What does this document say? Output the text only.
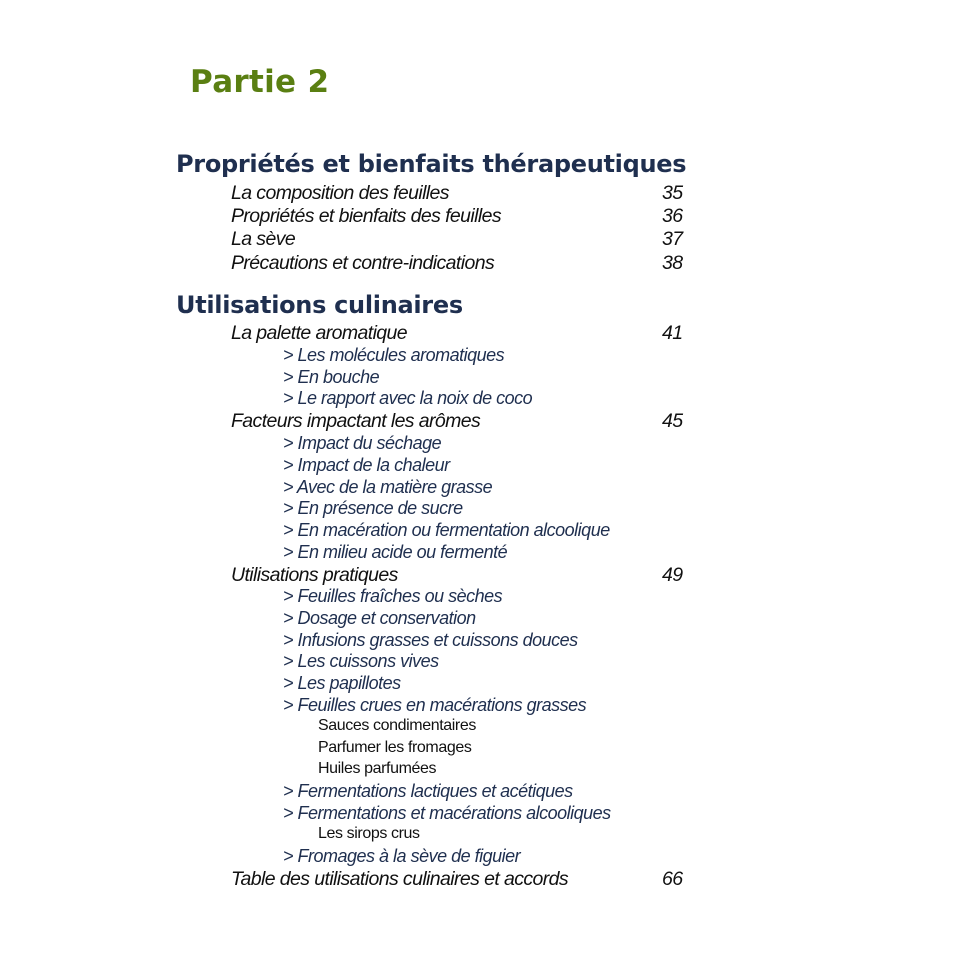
Partie 2
Propriétés et bienfaits thérapeutiques
La composition des feuilles	35
Propriétés et bienfaits des feuilles	36
La sève	37
Précautions et contre-indications	38
Utilisations culinaires
La palette aromatique	41
> Les molécules aromatiques
> En bouche
> Le rapport avec la noix de coco
Facteurs impactant les arômes	45
> Impact du séchage
> Impact de la chaleur
> Avec de la matière grasse
> En présence de sucre
> En macération ou fermentation alcoolique
> En milieu acide ou fermenté
Utilisations pratiques	49
> Feuilles fraîches ou sèches
> Dosage et conservation
> Infusions grasses et cuissons douces
> Les cuissons vives
> Les papillotes
> Feuilles crues en macérations grasses
Sauces condimentaires
Parfumer les fromages
Huiles parfumées
> Fermentations lactiques et acétiques
> Fermentations et macérations alcooliques
Les sirops crus
> Fromages à la sève de figuier
Table des utilisations culinaires et accords	66
